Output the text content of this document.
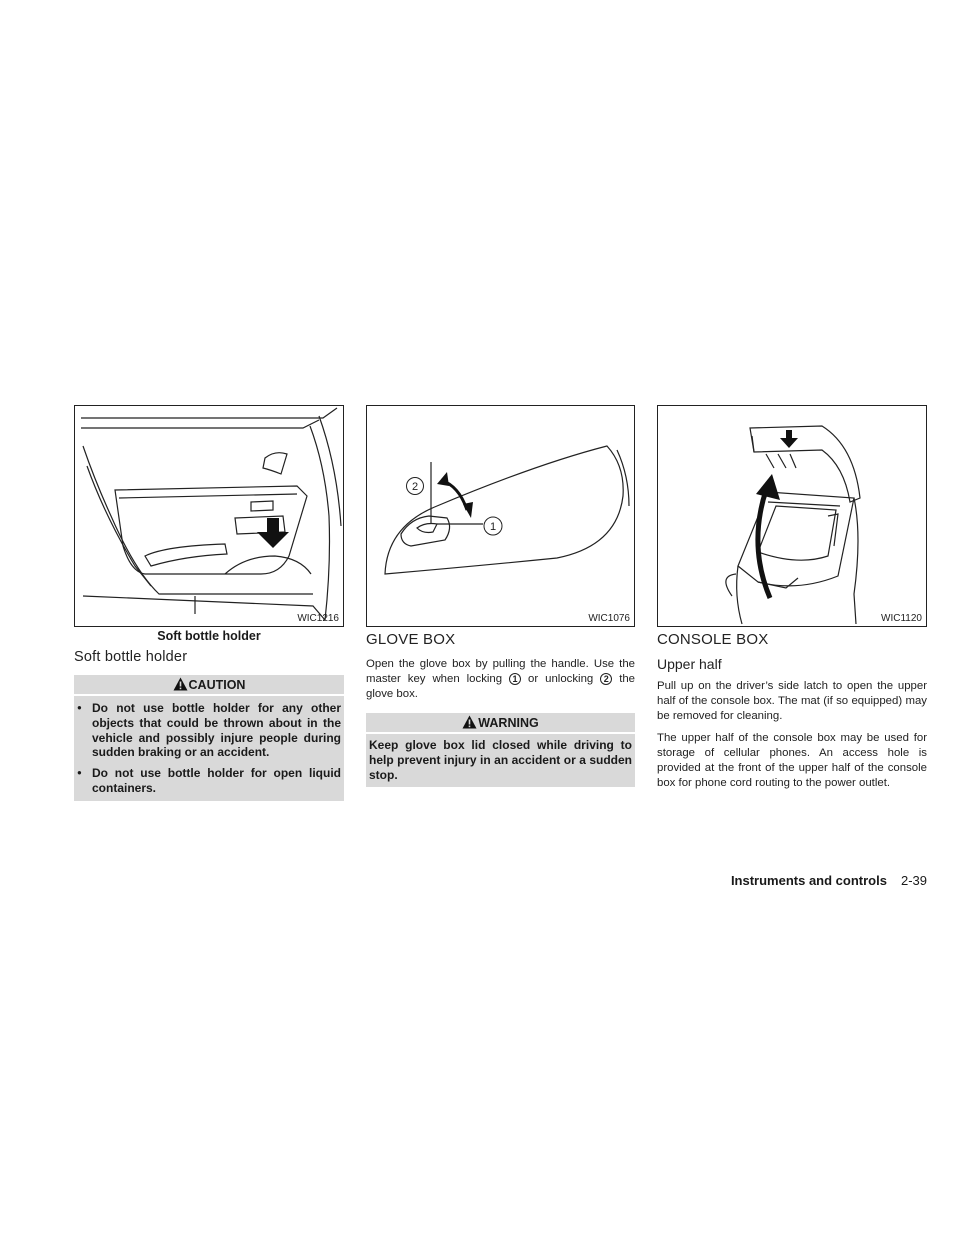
WIC1216
2
1
WIC1076	WIC1120
Soft bottle holder
Soft bottle holder
CAUTION
● Do not use bottle holder for any other objects that could be thrown about in the vehicle and possibly injure people during sudden braking or an accident.
● Do not use bottle holder for open liquid containers.
GLOVE BOX
Open the glove box by pulling the handle. Use the master key when locking 1 or unlocking 2 the glove box.
WARNING
Keep glove box lid closed while driving to help prevent injury in an accident or a sudden stop.
CONSOLE BOX
Upper half

Pull up on the driver’s side latch to open the upper half of the console box. The mat (if so equipped) may be removed for cleaning.

The upper half of the console box may be used for storage of cellular phones. An access hole is provided at the front of the upper half of the console box for phone cord routing to the power outlet.

Instruments and controls 2-39
